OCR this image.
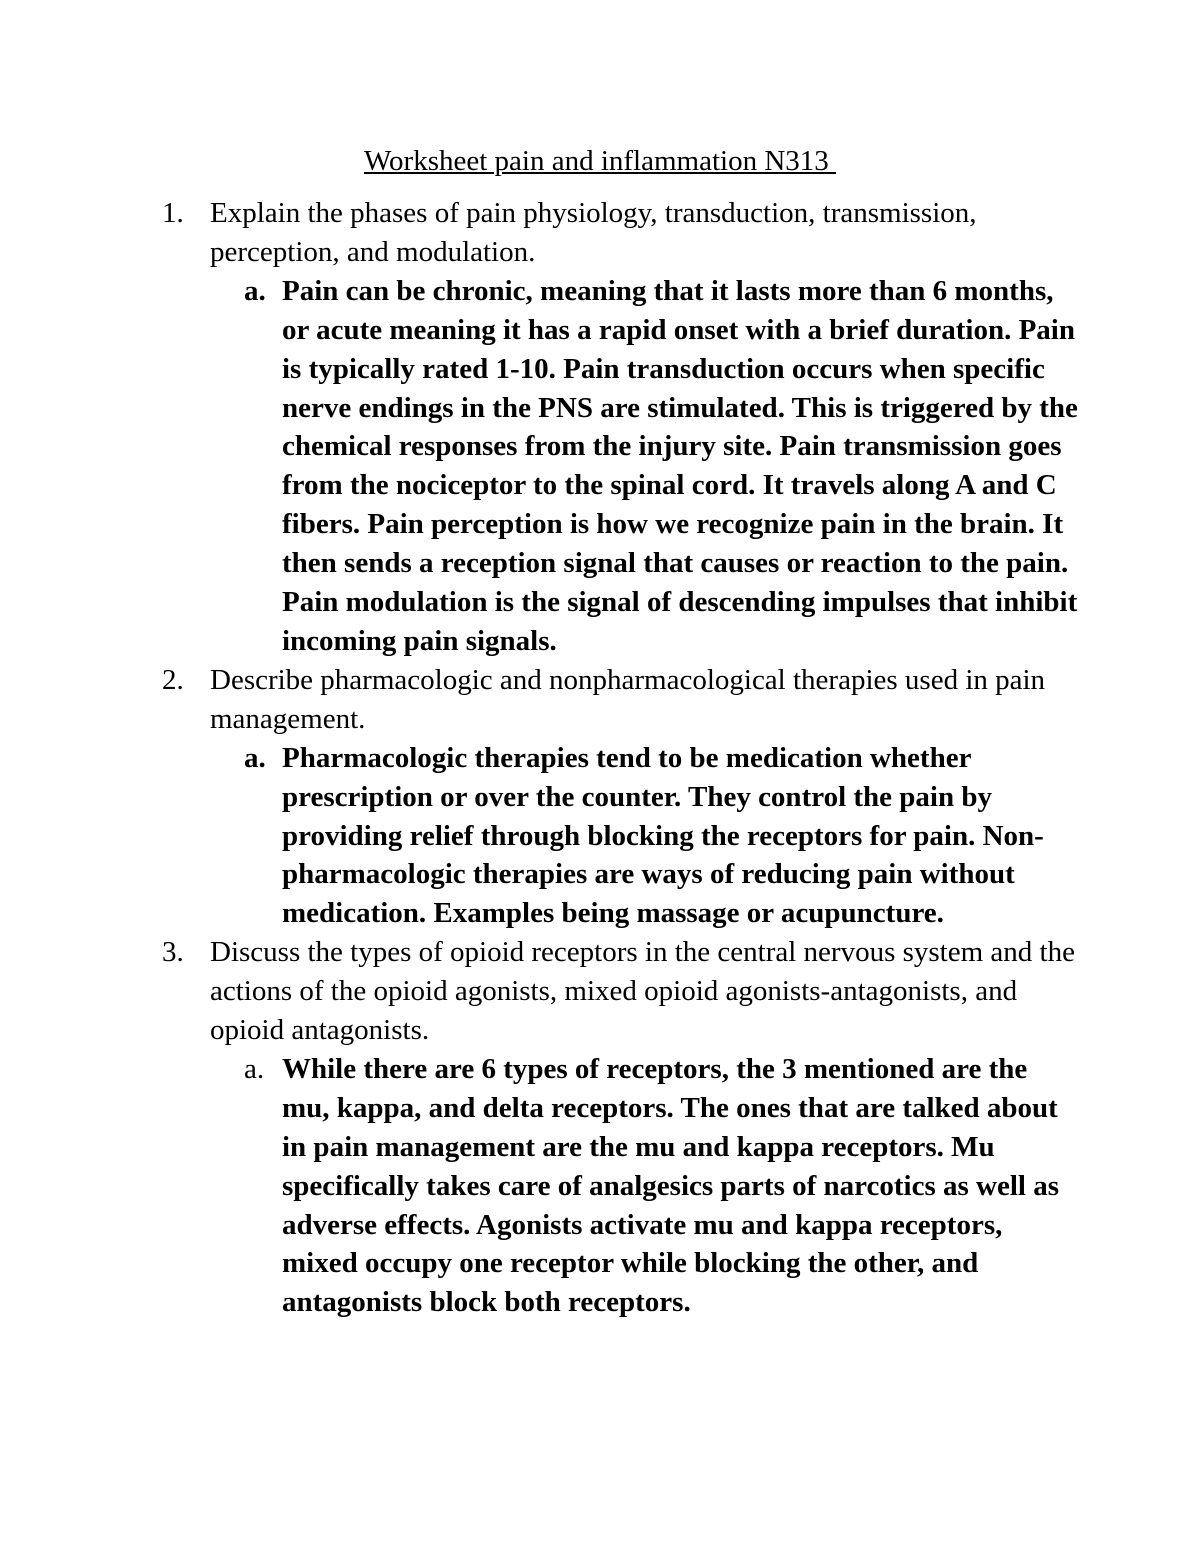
Worksheet pain and inflammation N313
1. Explain the phases of pain physiology, transduction, transmission, perception, and modulation.
a. Pain can be chronic, meaning that it lasts more than 6 months, or acute meaning it has a rapid onset with a brief duration. Pain is typically rated 1-10. Pain transduction occurs when specific nerve endings in the PNS are stimulated. This is triggered by the chemical responses from the injury site. Pain transmission goes from the nociceptor to the spinal cord. It travels along A and C fibers. Pain perception is how we recognize pain in the brain. It then sends a reception signal that causes or reaction to the pain. Pain modulation is the signal of descending impulses that inhibit incoming pain signals.
2. Describe pharmacologic and nonpharmacological therapies used in pain management.
a. Pharmacologic therapies tend to be medication whether prescription or over the counter. They control the pain by providing relief through blocking the receptors for pain. Non-pharmacologic therapies are ways of reducing pain without medication. Examples being massage or acupuncture.
3. Discuss the types of opioid receptors in the central nervous system and the actions of the opioid agonists, mixed opioid agonists-antagonists, and opioid antagonists.
a. While there are 6 types of receptors, the 3 mentioned are the mu, kappa, and delta receptors. The ones that are talked about in pain management are the mu and kappa receptors. Mu specifically takes care of analgesics parts of narcotics as well as adverse effects. Agonists activate mu and kappa receptors, mixed occupy one receptor while blocking the other, and antagonists block both receptors.
